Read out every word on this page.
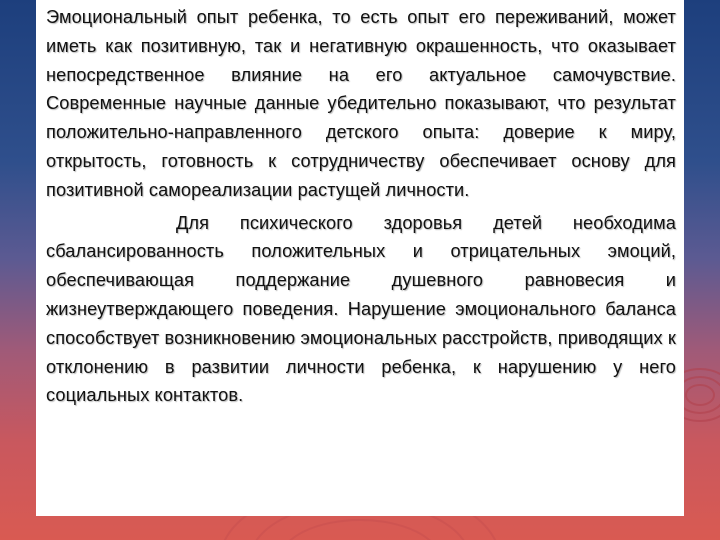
Эмоциональный опыт ребенка, то есть опыт его переживаний, может иметь как позитивную, так и негативную окрашенность, что оказывает непосредственное влияние на его актуальное самочувствие. Современные научные данные убедительно показывают, что результат положительно-направленного детского опыта: доверие к миру, открытость, готовность к сотрудничеству обеспечивает основу для позитивной самореализации растущей личности.

Для психического здоровья детей необходима сбалансированность положительных и отрицательных эмоций, обеспечивающая поддержание душевного равновесия и жизнеутверждающего поведения. Нарушение эмоционального баланса способствует возникновению эмоциональных расстройств, приводящих к отклонению в развитии личности ребенка, к нарушению у него социальных контактов.
